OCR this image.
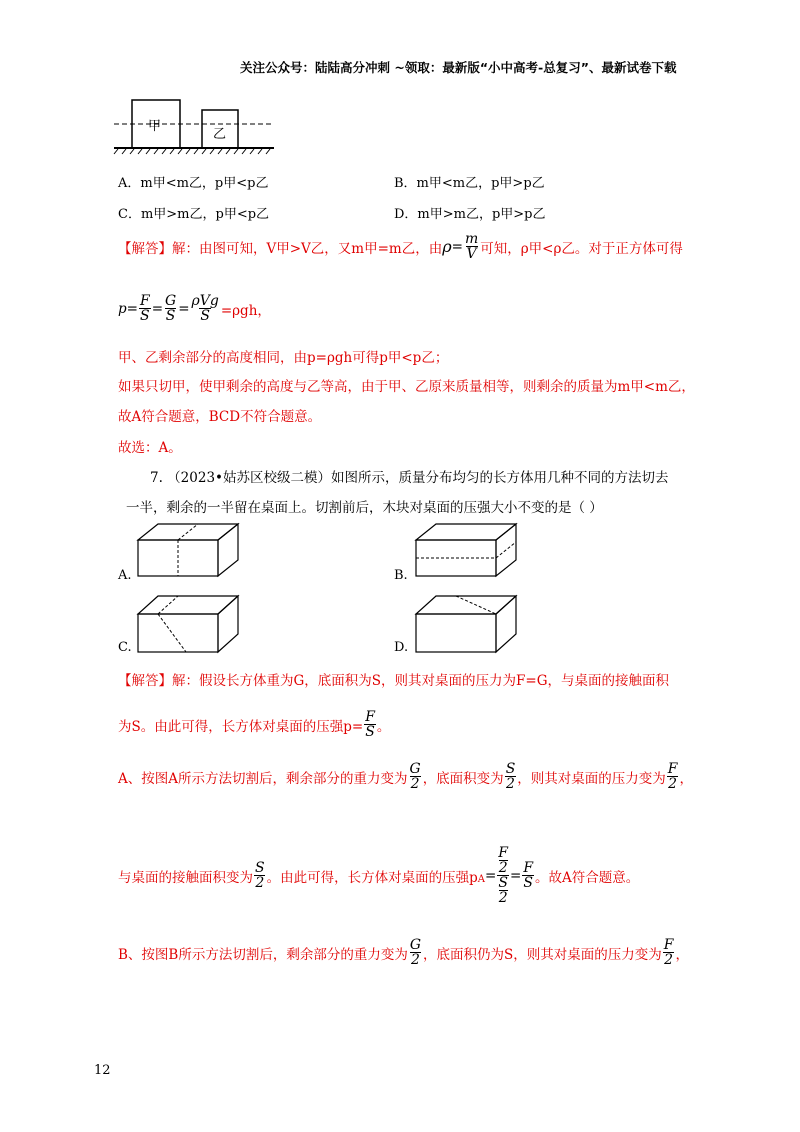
关注公众号：陆陆高分冲刺 ~领取：最新版“小中高考-总复习”、最新试卷下载
甲
乙
A．m甲<m乙，p甲<p乙	B．m甲<m乙，p甲>p乙
C．m甲>m乙，p甲<p乙	D．m甲>m乙，p甲>p乙
【解答】 解：由图可知，V甲>V乙，又m甲=m乙，由 $\rho = \frac{m}{V}$ 可知，ρ甲<ρ乙。对于正方体可得
$p = \frac{F}{S} = \frac{G}{S} = \frac{\text{ρVg}}{S} =\rho gh$，
甲、乙剩余部分的高度相同，由p=ρgh可得p甲<p乙；
如果只切甲，使甲剩余的高度与乙等高，由于甲、乙原来质量相等，则剩余的质量为m甲<m乙，
故A符合题意，BCD不符合题意。
故选：A。
7. （2023•姑苏区校级二模）如图所示，质量分布均匀的长方体用几种不同的方法切去
一半，剩余的一半留在桌面上。切割前后，木块对桌面的压强大小不变的是（ ）
A.	B.
C.	D.
【解答】解：假设长方体重为G，底面积为S，则其对桌面的压力为F=G，与桌面的接触面积
为S。由此可得，长方体对桌面的压强$p= \frac{F}{S}$ 。
A、按图A所示方法切割后，剩余部分的重力变为 $\frac{G}{2}$ ，底面积变为 $\frac{S}{2}$ ，则其对桌面的压力变为 $\frac{F}{2}$ ，
与桌面的接触面积变为 $\frac{S}{2}$ 。由此可得，长方体对桌面的压强$p_A = F$
2
S
$2 = \frac{F}{S}$ 。故A符合题意。
B、按图B所示方法切割后，剩余部分的重力变为 $\frac{G}{2}$ ，底面积仍为S，则其对桌面的压力变为 $\frac{F}{2}$ ，
12
